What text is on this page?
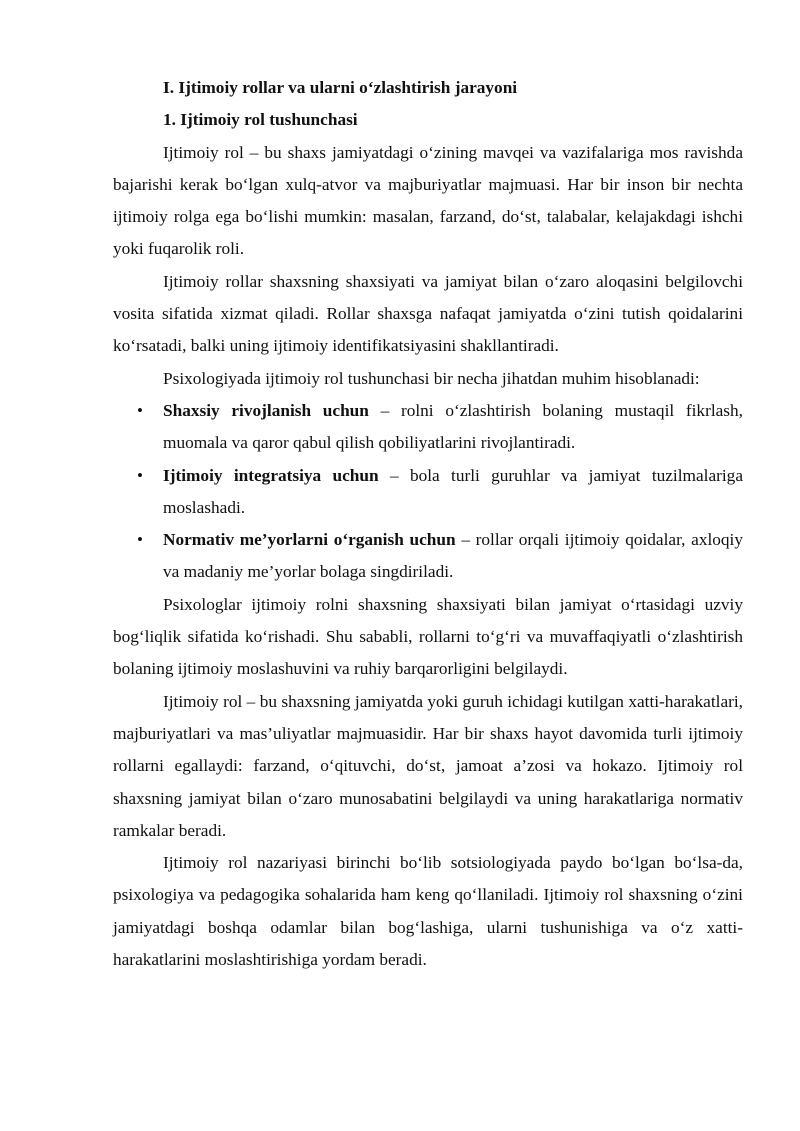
I. Ijtimoiy rollar va ularni o‘zlashtirish jarayoni
1. Ijtimoiy rol tushunchasi

Ijtimoiy rol – bu shaxs jamiyatdagi o‘zining mavqei va vazifalariga mos ravishda bajarishi kerak bo‘lgan xulq-atvor va majburiyatlar majmuasi. Har bir inson bir nechta ijtimoiy rolga ega bo‘lishi mumkin: masalan, farzand, do‘st, talabalar, kelajakdagi ishchi yoki fuqarolik roli.

Ijtimoiy rollar shaxsning shaxsiyati va jamiyat bilan o‘zaro aloqasini belgilovchi vosita sifatida xizmat qiladi. Rollar shaxsga nafaqat jamiyatda o‘zini tutish qoidalarini ko‘rsatadi, balki uning ijtimoiy identifikatsiyasini shakllantiradi.

Psixologiyada ijtimoiy rol tushunchasi bir necha jihatdan muhim hisoblanadi:

• Shaxsiy rivojlanish uchun – rolni o‘zlashtirish bolaning mustaqil fikrlash, muomala va qaror qabul qilish qobiliyatlarini rivojlantiradi.
• Ijtimoiy integratsiya uchun – bola turli guruhlar va jamiyat tuzilmalariga moslashadi.
• Normativ me’yorlarni o‘rganish uchun – rollar orqali ijtimoiy qoidalar, axloqiy va madaniy me’yorlar bolaga singdiriladi.

Psixologlar ijtimoiy rolni shaxsning shaxsiyati bilan jamiyat o‘rtasidagi uzviy bog‘liqlik sifatida ko‘rishadi. Shu sababli, rollarni to‘g‘ri va muvaffaqiyatli o‘zlashtirish bolaning ijtimoiy moslashuvini va ruhiy barqarorligini belgilaydi.

Ijtimoiy rol – bu shaxsning jamiyatda yoki guruh ichidagi kutilgan xatti-harakatlari, majburiyatlari va mas’uliyatlar majmuasidir. Har bir shaxs hayot davomida turli ijtimoiy rollarni egallaydi: farzand, o‘qituvchi, do‘st, jamoat a’zosi va hokazo. Ijtimoiy rol shaxsning jamiyat bilan o‘zaro munosabatini belgilaydi va uning harakatlariga normativ ramkalar beradi.

Ijtimoiy rol nazariyasi birinchi bo‘lib sotsiologiyada paydo bo‘lgan bo‘lsa-da, psixologiya va pedagogika sohalarida ham keng qo‘llaniladi. Ijtimoiy rol shaxsning o‘zini jamiyatdagi boshqa odamlar bilan bog‘lashiga, ularni tushunishiga va o‘z xatti-harakatlarini moslashtirishiga yordam beradi.
